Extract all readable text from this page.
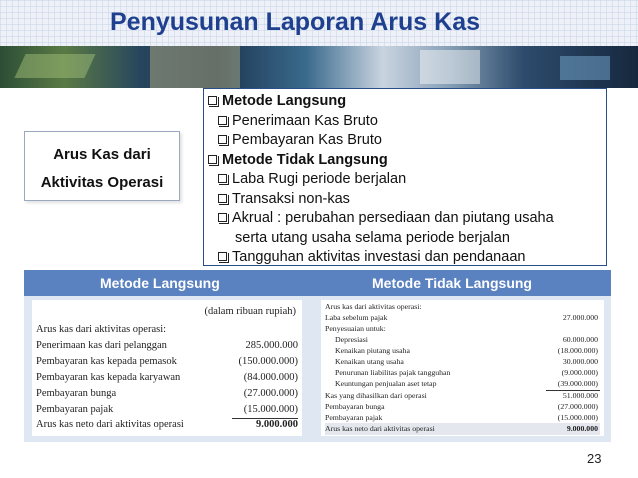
Penyusunan Laporan Arus Kas
Arus Kas dari
Aktivitas Operasi
Metode Langsung
Penerimaan Kas Bruto
Pembayaran Kas Bruto
Metode Tidak Langsung
Laba Rugi periode berjalan
Transaksi non-kas
Akrual : perubahan persediaan dan piutang usaha
serta utang usaha selama periode berjalan
Tangguhan aktivitas investasi dan pendanaan
Metode Langsung	Metode Tidak Langsung
(dalam ribuan rupiah)
Arus kas dari aktivitas operasi:
Penerimaan kas dari pelanggan	285.000.000
Pembayaran kas kepada pemasok	(150.000.000)
Pembayaran kas kepada karyawan	(84.000.000)
Pembayaran bunga	(27.000.000)
Pembayaran pajak	(15.000.000)
Arus kas neto dari aktivitas operasi	9.000.000
Arus kas dari aktivitas operasi:
Laba sebelum pajak	27.000.000
Penyesuaian untuk:
Depresiasi	60.000.000
Kenaikan piutang usaha	(18.000.000)
Kenaikan utang usaha	30.000.000
Penurunan liabilitas pajak tangguhan	(9.000.000)
Keuntungan penjualan aset tetap	(39.000.000)
Kas yang dihasilkan dari operasi	51.000.000
Pembayaran bunga	(27.000.000)
Pembayaran pajak	(15.000.000)
Arus kas neto dari aktivitas operasi	9.000.000
23
